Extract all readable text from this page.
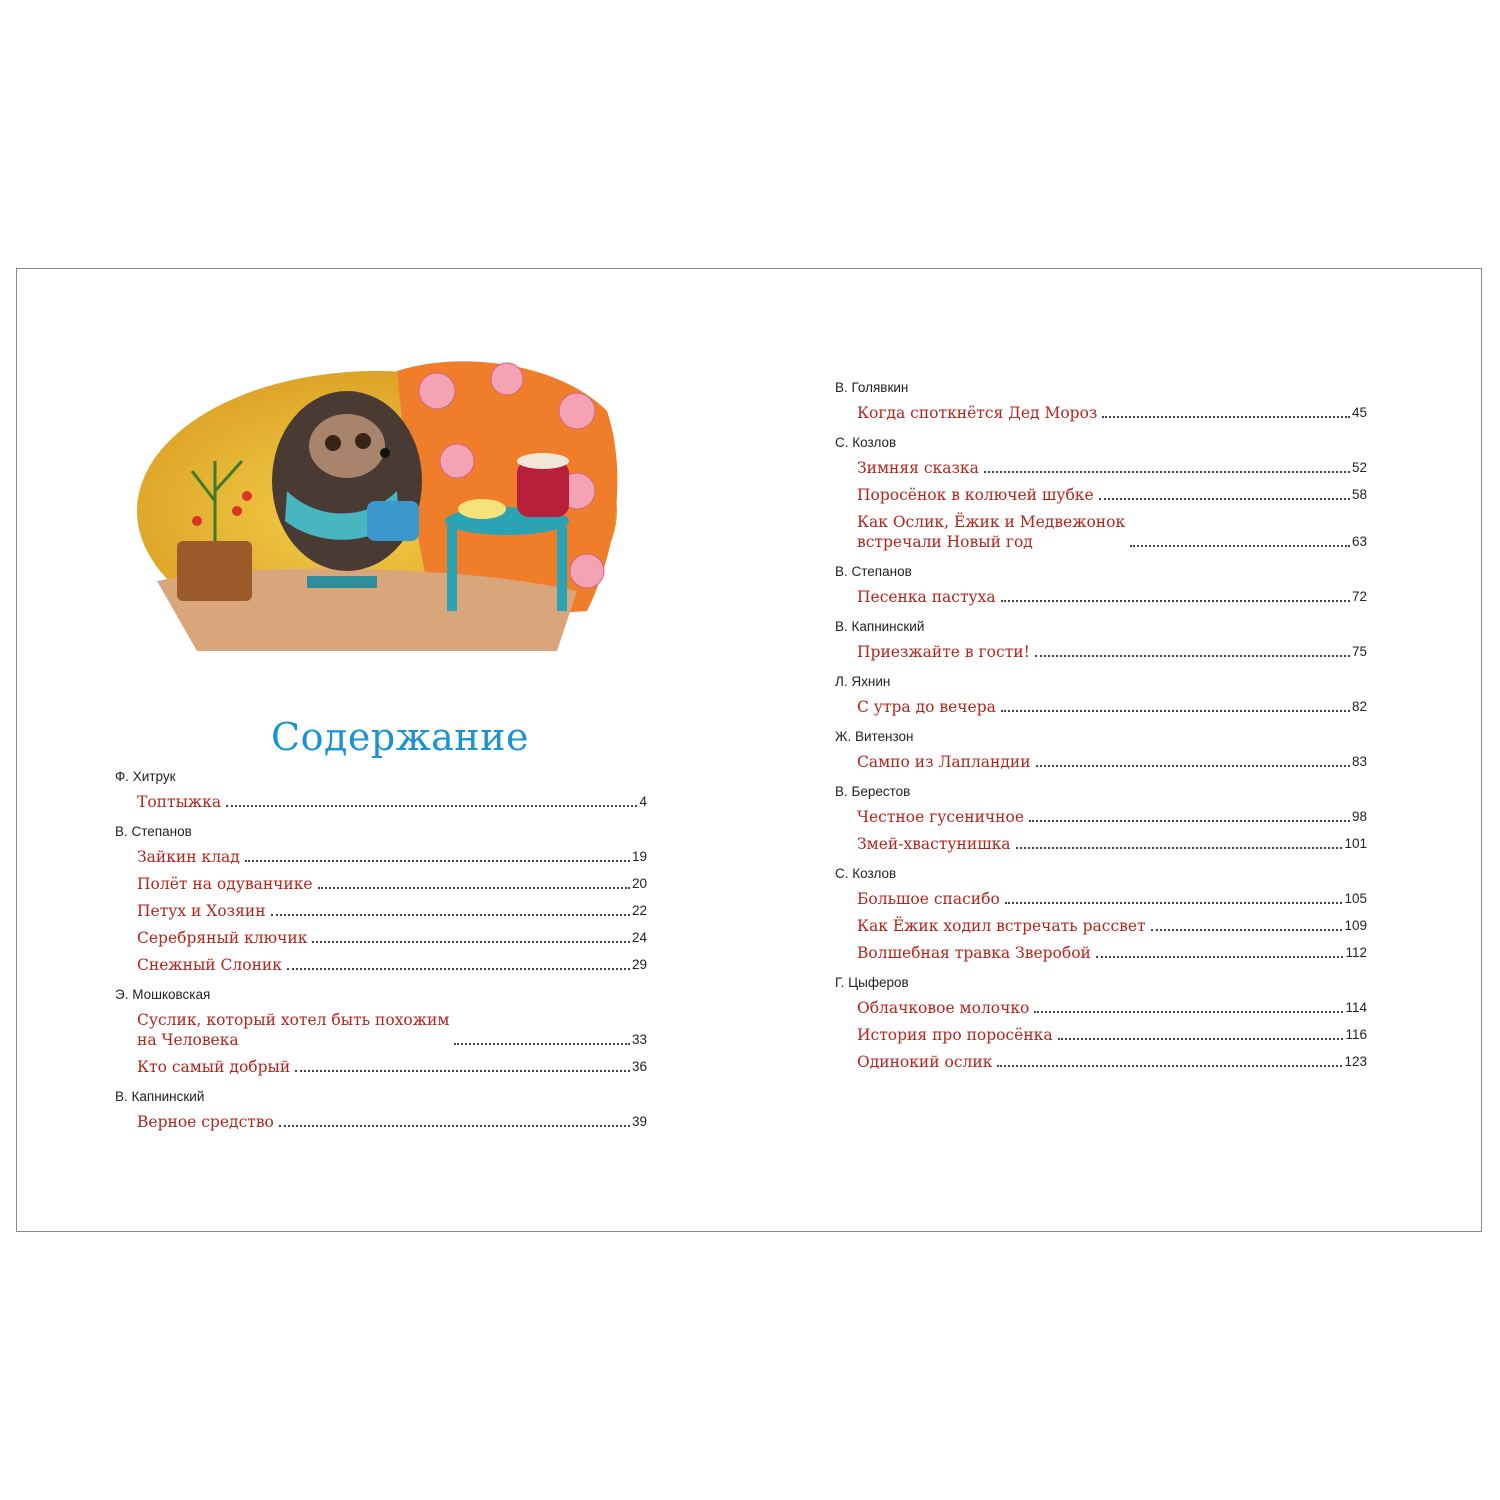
Содержание
Ф. Хитрук
Топтыжка	4
В. Степанов
Зайкин клад	19
Полёт на одуванчике	20
Петух и Хозяин	22
Серебряный ключик	24
Снежный Слоник	29
Э. Мошковская
Суслик, который хотел быть похожим
на Человека	33
Кто самый добрый	36
В. Капнинский
Верное средство	39
В. Голявкин
Когда споткнётся Дед Мороз	45
С. Козлов
Зимняя сказка	52
Поросёнок в колючей шубке	58
Как Ослик, Ёжик и Медвежонок
встречали Новый год	63
В. Степанов
Песенка пастуха	72
В. Капнинский
Приезжайте в гости!	75
Л. Яхнин
С утра до вечера	82
Ж. Витензон
Сампо из Лапландии	83
В. Берестов
Честное гусеничное	98
Змей-хвастунишка	101
С. Козлов
Большое спасибо	105
Как Ёжик ходил встречать рассвет	109
Волшебная травка Зверобой	112
Г. Цыферов
Облачковое молочко	114
История про поросёнка	116
Одинокий ослик	123
